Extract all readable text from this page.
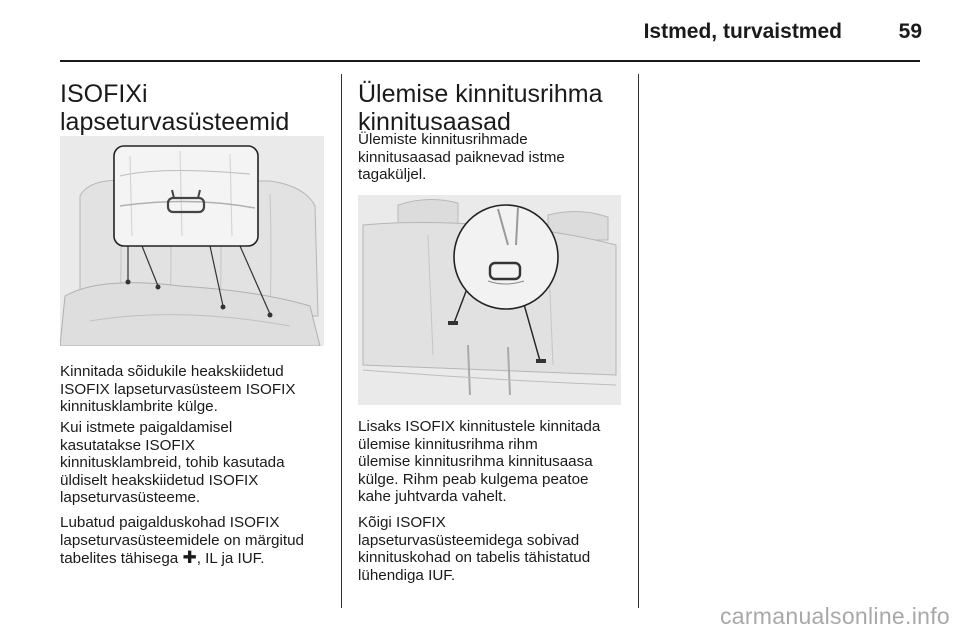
Istmed, turvaistmed	59
ISOFIXi
lapseturvasüsteemid

Kinnitada sõidukile heakskiidetud
ISOFIX lapseturvasüsteem ISOFIX
kinnitusklambrite külge.

Kui istmete paigaldamisel
kasutatakse ISOFIX
kinnitusklambreid, tohib kasutada
üldiselt heakskiidetud ISOFIX
lapseturvasüsteeme.

Lubatud paigalduskohad ISOFIX
lapseturvasüsteemidele on märgitud
tabelites tähisega ✚, IL ja IUF.

Ülemise kinnitusrihma
kinnitusaasad

Ülemiste kinnitusrihmade
kinnitusaasad paiknevad istme
tagaküljel.

Lisaks ISOFIX kinnitustele kinnitada
ülemise kinnitusrihma rihm
ülemise kinnitusrihma kinnitusaasa
külge. Rihm peab kulgema peatoe
kahe juhtvarda vahelt.

Kõigi ISOFIX
lapseturvasüsteemidega sobivad
kinnituskohad on tabelis tähistatud
lühendiga IUF.

carmanualsonline.info
